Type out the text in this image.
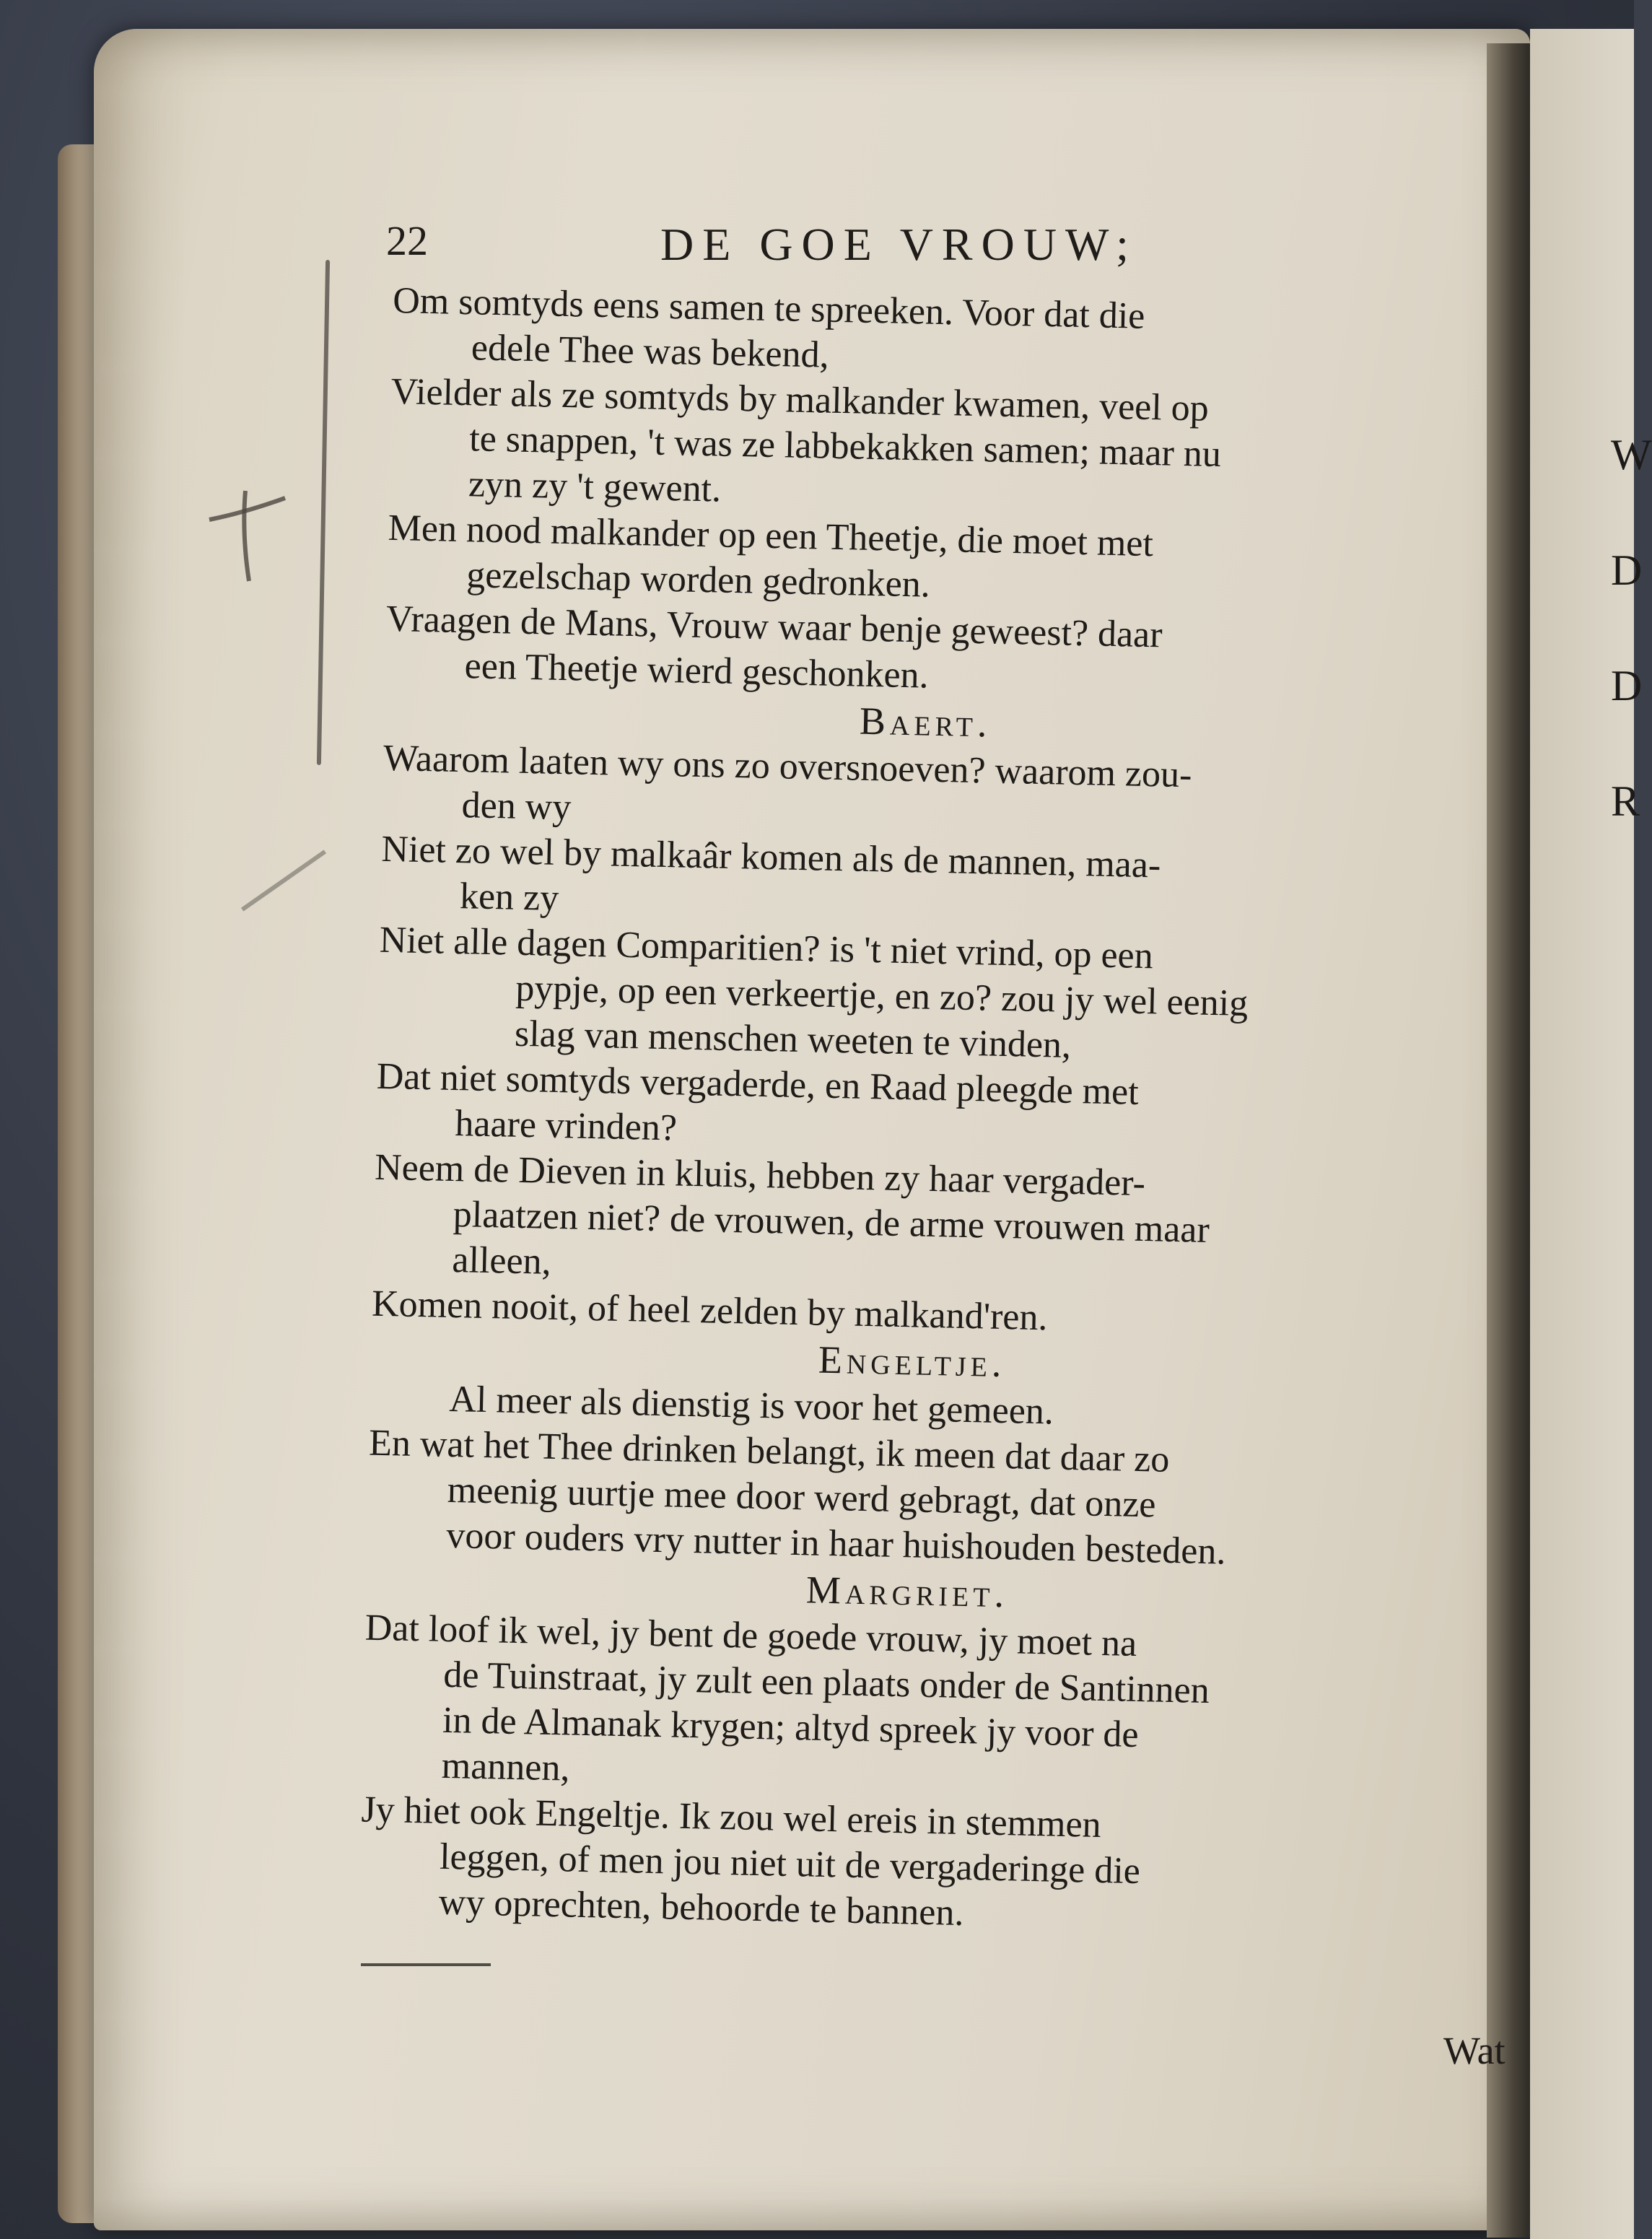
W
D
D
R
22	DE GOE VROUW;
Om somtyds eens samen te spreeken. Voor dat die
edele Thee was bekend,
Vielder als ze somtyds by malkander kwamen, veel op
te snappen, 't was ze labbekakken samen; maar nu
zyn zy 't gewent.
Men nood malkander op een Theetje, die moet met
gezelschap worden gedronken.
Vraagen de Mans, Vrouw waar benje geweest? daar
een Theetje wierd geschonken.
Baert.
Waarom laaten wy ons zo oversnoeven? waarom zou-
den wy
Niet zo wel by malkaâr komen als de mannen, maa-
ken zy
Niet alle dagen Comparitien? is 't niet vrind, op een
pypje, op een verkeertje, en zo? zou jy wel eenig
slag van menschen weeten te vinden,
Dat niet somtyds vergaderde, en Raad pleegde met
haare vrinden?
Neem de Dieven in kluis, hebben zy haar vergader-
plaatzen niet? de vrouwen, de arme vrouwen maar
alleen,
Komen nooit, of heel zelden by malkand'ren.
Engeltje.
Al meer als dienstig is voor het gemeen.
En wat het Thee drinken belangt, ik meen dat daar zo
meenig uurtje mee door werd gebragt, dat onze
voor ouders vry nutter in haar huishouden besteden.
Margriet.
Dat loof ik wel, jy bent de goede vrouw, jy moet na
de Tuinstraat, jy zult een plaats onder de Santinnen
in de Almanak krygen; altyd spreek jy voor de
mannen,
Jy hiet ook Engeltje. Ik zou wel ereis in stemmen
leggen, of men jou niet uit de vergaderinge die
wy oprechten, behoorde te bannen.
Wat
